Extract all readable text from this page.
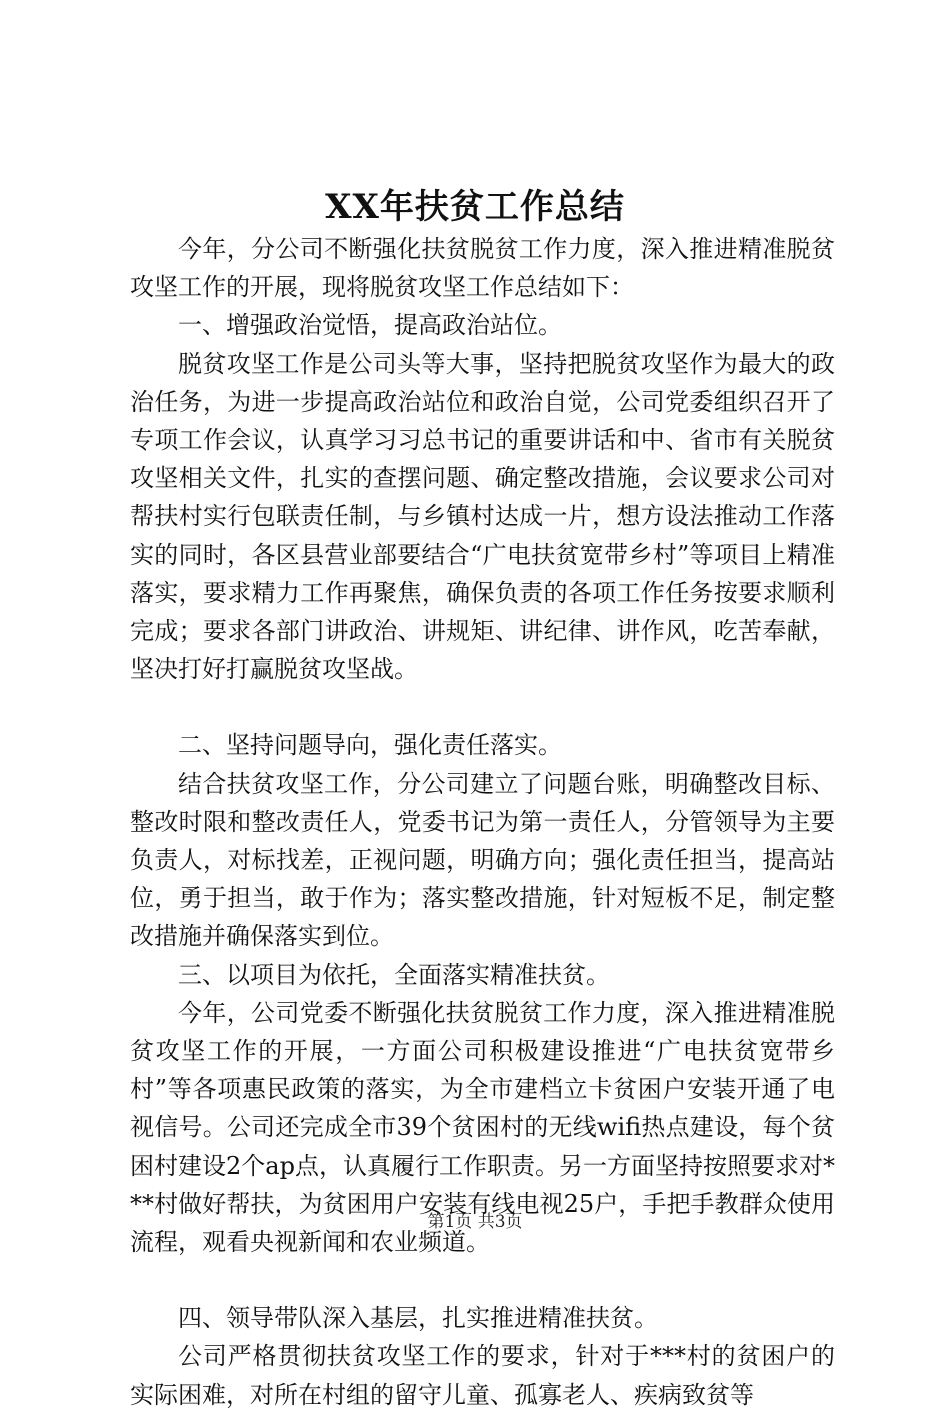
XX年扶贫工作总结

今年，分公司不断强化扶贫脱贫工作力度，深入推进精准脱贫攻坚工作的开展，现将脱贫攻坚工作总结如下：

一、增强政治觉悟，提高政治站位。

脱贫攻坚工作是公司头等大事，坚持把脱贫攻坚作为最大的政治任务，为进一步提高政治站位和政治自觉，公司党委组织召开了专项工作会议，认真学习习总书记的重要讲话和中、省市有关脱贫攻坚相关文件，扎实的查摆问题、确定整改措施，会议要求公司对帮扶村实行包联责任制，与乡镇村达成一片，想方设法推动工作落实的同时，各区县营业部要结合“广电扶贫宽带乡村”等项目上精准落实，要求精力工作再聚焦，确保负责的各项工作任务按要求顺利完成；要求各部门讲政治、讲规矩、讲纪律、讲作风，吃苦奉献，坚决打好打赢脱贫攻坚战。

二、坚持问题导向，强化责任落实。

结合扶贫攻坚工作，分公司建立了问题台账，明确整改目标、整改时限和整改责任人，党委书记为第一责任人，分管领导为主要负责人，对标找差，正视问题，明确方向；强化责任担当，提高站位，勇于担当，敢于作为；落实整改措施，针对短板不足，制定整改措施并确保落实到位。

三、以项目为依托，全面落实精准扶贫。

今年，公司党委不断强化扶贫脱贫工作力度，深入推进精准脱贫攻坚工作的开展，一方面公司积极建设推进“广电扶贫宽带乡村”等各项惠民政策的落实，为全市建档立卡贫困户安装开通了电视信号。公司还完成全市39个贫困村的无线wifi热点建设，每个贫困村建设2个ap点，认真履行工作职责。另一方面坚持按照要求对***村做好帮扶，为贫困用户安装有线电视25户，手把手教群众使用流程，观看央视新闻和农业频道。

四、领导带队深入基层，扎实推进精准扶贫。

公司严格贯彻扶贫攻坚工作的要求，针对于***村的贫困户的实际困难，对所在村组的留守儿童、孤寡老人、疾病致贫等

第1页 共3页
